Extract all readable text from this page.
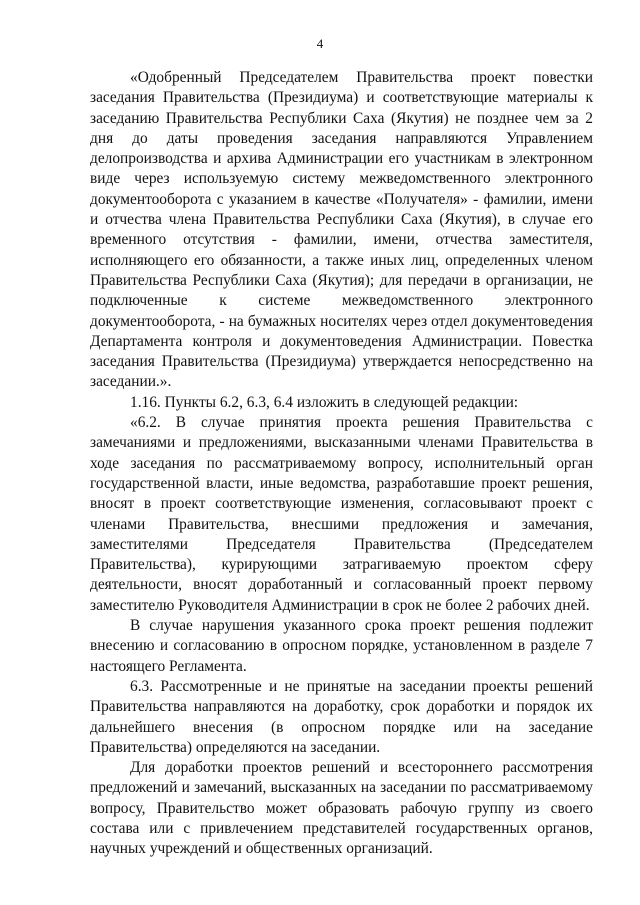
4

«Одобренный Председателем Правительства проект повестки заседания Правительства (Президиума) и соответствующие материалы к заседанию Правительства Республики Саха (Якутия) не позднее чем за 2 дня до даты проведения заседания направляются Управлением делопроизводства и архива Администрации его участникам в электронном виде через используемую систему межведомственного электронного документооборота с указанием в качестве «Получателя» - фамилии, имени и отчества члена Правительства Республики Саха (Якутия), в случае его временного отсутствия - фамилии, имени, отчества заместителя, исполняющего его обязанности, а также иных лиц, определенных членом Правительства Республики Саха (Якутия); для передачи в организации, не подключенные к системе межведомственного электронного документооборота, - на бумажных носителях через отдел документоведения Департамента контроля и документоведения Администрации. Повестка заседания Правительства (Президиума) утверждается непосредственно на заседании.».

1.16. Пункты 6.2, 6.3, 6.4 изложить в следующей редакции:

«6.2. В случае принятия проекта решения Правительства с замечаниями и предложениями, высказанными членами Правительства в ходе заседания по рассматриваемому вопросу, исполнительный орган государственной власти, иные ведомства, разработавшие проект решения, вносят в проект соответствующие изменения, согласовывают проект с членами Правительства, внесшими предложения и замечания, заместителями Председателя Правительства (Председателем Правительства), курирующими затрагиваемую проектом сферу деятельности, вносят доработанный и согласованный проект первому заместителю Руководителя Администрации в срок не более 2 рабочих дней.

В случае нарушения указанного срока проект решения подлежит внесению и согласованию в опросном порядке, установленном в разделе 7 настоящего Регламента.

6.3. Рассмотренные и не принятые на заседании проекты решений Правительства направляются на доработку, срок доработки и порядок их дальнейшего внесения (в опросном порядке или на заседание Правительства) определяются на заседании.

Для доработки проектов решений и всестороннего рассмотрения предложений и замечаний, высказанных на заседании по рассматриваемому вопросу, Правительство может образовать рабочую группу из своего состава или с привлечением представителей государственных органов, научных учреждений и общественных организаций.
